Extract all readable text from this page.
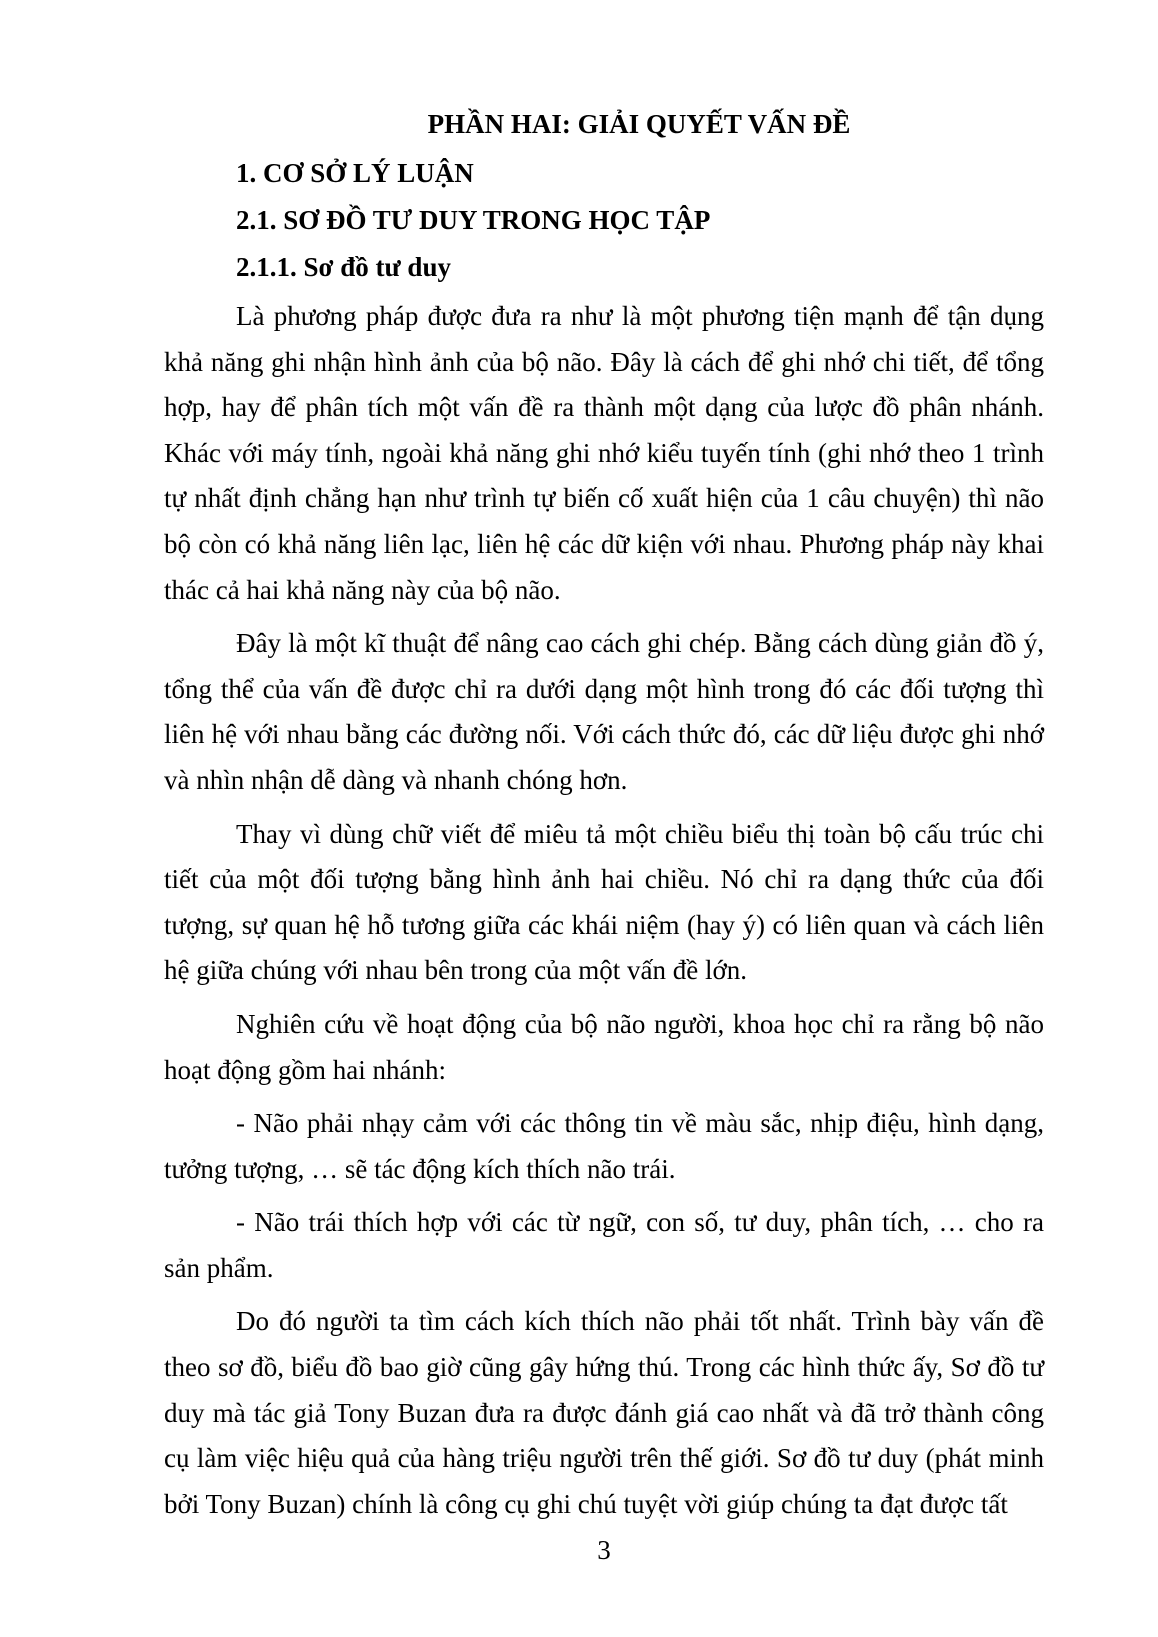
PHẦN HAI: GIẢI QUYẾT VẤN ĐỀ
1. CƠ SỞ LÝ LUẬN
2.1. SƠ ĐỒ TƯ DUY TRONG HỌC TẬP
2.1.1. Sơ đồ tư duy

Là phương pháp được đưa ra như là một phương tiện mạnh để tận dụng khả năng ghi nhận hình ảnh của bộ não. Đây là cách để ghi nhớ chi tiết, để tổng hợp, hay để phân tích một vấn đề ra thành một dạng của lược đồ phân nhánh. Khác với máy tính, ngoài khả năng ghi nhớ kiểu tuyến tính (ghi nhớ theo 1 trình tự nhất định chẳng hạn như trình tự biến cố xuất hiện của 1 câu chuyện) thì não bộ còn có khả năng liên lạc, liên hệ các dữ kiện với nhau. Phương pháp này khai thác cả hai khả năng này của bộ não.

Đây là một kĩ thuật để nâng cao cách ghi chép. Bằng cách dùng giản đồ ý, tổng thể của vấn đề được chỉ ra dưới dạng một hình trong đó các đối tượng thì liên hệ với nhau bằng các đường nối. Với cách thức đó, các dữ liệu được ghi nhớ và nhìn nhận dễ dàng và nhanh chóng hơn.

Thay vì dùng chữ viết để miêu tả một chiều biểu thị toàn bộ cấu trúc chi tiết của một đối tượng bằng hình ảnh hai chiều. Nó chỉ ra dạng thức của đối tượng, sự quan hệ hỗ tương giữa các khái niệm (hay ý) có liên quan và cách liên hệ giữa chúng với nhau bên trong của một vấn đề lớn.

Nghiên cứu về hoạt động của bộ não người, khoa học chỉ ra rằng bộ não hoạt động gồm hai nhánh:

- Não phải nhạy cảm với các thông tin về màu sắc, nhịp điệu, hình dạng, tưởng tượng, … sẽ tác động kích thích não trái.

- Não trái thích hợp với các từ ngữ, con số, tư duy, phân tích, … cho ra sản phẩm.

Do đó người ta tìm cách kích thích não phải tốt nhất. Trình bày vấn đề theo sơ đồ, biểu đồ bao giờ cũng gây hứng thú. Trong các hình thức ấy, Sơ đồ tư duy mà tác giả Tony Buzan đưa ra được đánh giá cao nhất và đã trở thành công cụ làm việc hiệu quả của hàng triệu người trên thế giới. Sơ đồ tư duy (phát minh bởi Tony Buzan) chính là công cụ ghi chú tuyệt vời giúp chúng ta đạt được tất

3
